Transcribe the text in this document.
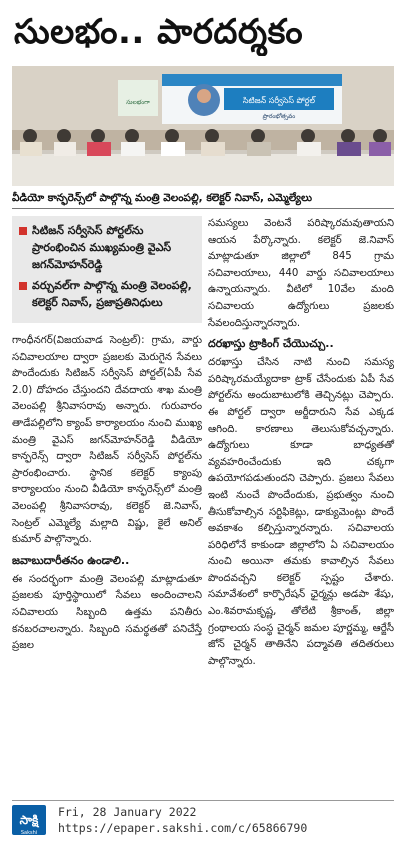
సులభం.. పారదర్శకం
సిటిజన్ సర్వీసెస్ పోర్టల్
ప్రారంభోత్సవం
సులభంగా
వీడియో కాన్ఫరెన్స్‌లో పాల్గొన్న మంత్రి వెలంపల్లి, కలెక్టర్ నివాస్, ఎమ్మెల్యేలు
సిటిజన్ సర్వీసెస్ పోర్టల్‌ను ప్రారంభించిన ముఖ్యమంత్రి వైఎస్ జగన్‌మోహన్‌రెడ్డి
వర్చువల్‌గా పాల్గొన్న మంత్రి వెలంపల్లి, కలెక్టర్ నివాస్, ప్రజాప్రతినిధులు

గాంధీనగర్(విజయవాడ సెంట్రల్): గ్రామ, వార్డు సచివాలయాల ద్వారా ప్రజలకు మెరుగైన సేవలు పొందేందుకు సిటిజన్ సర్వీసెస్ పోర్టల్(ఏపీ సేవ 2.0) దోహదం చేస్తుందని దేవదాయ శాఖ మంత్రి వెలంపల్లి శ్రీనివాసరావు అన్నారు. గురువారం తాడేపల్లిలోని క్యాంప్ కార్యాలయం నుంచి ముఖ్య మంత్రి వైఎస్ జగన్‌మోహన్‌రెడ్డి వీడియో కాన్ఫరెన్స్ ద్వారా సిటిజన్ సర్వీసెస్ పోర్టల్‌ను ప్రారంభించారు. స్థానిక కలెక్టర్ క్యాంపు కార్యాలయం నుంచి వీడియో కాన్ఫరెన్స్‌లో మంత్రి వెలంపల్లి శ్రీనివాసరావు, కలెక్టర్ జె.నివాస్, సెంట్రల్ ఎమ్మెల్యే మల్లాది విష్ణు, కైలే అనిల్ కుమార్ పాల్గొన్నారు.

జవాబుదారీతనం ఉండాలి..

ఈ సందర్భంగా మంత్రి వెలంపల్లి మాట్లాడుతూ ప్రజలకు పూర్తిస్థాయిలో సేవలు అందించాలని సచివాలయ సిబ్బంది ఉత్తమ పనితీరు కనబరచాలన్నారు. సిబ్బంది సమర్థతతో పనిచేస్తే ప్రజల

సమస్యలు వెంటనే పరిష్కారమవుతాయని ఆయన పేర్కొన్నారు. కలెక్టర్ జె.నివాస్ మాట్లాడుతూ జిల్లాలో 845 గ్రామ సచివాలయాలు, 440 వార్డు సచివాలయాలు ఉన్నాయన్నారు. వీటిలో 10వేల మంది సచివాలయ ఉద్యోగులు ప్రజలకు సేవలందిస్తున్నారన్నారు.

దరఖాస్తు ట్రాకింగ్ చేయొచ్చు..

దరఖాస్తు చేసిన నాటి నుంచి సమస్య పరిష్కారమయ్యేదాకా ట్రాక్ చేసేందుకు ఏపీ సేవ పోర్టల్‌ను అందుబాటులోకి తెచ్చినట్లు చెప్పారు. ఈ పోర్టల్ ద్వారా అర్జీదారుని సేవ ఎక్కడ ఆగింది. కారణాలు తెలుసుకోవచ్చన్నారు. ఉద్యోగులు కూడా బాధ్యతతో వ్యవహరించేందుకు ఇది చక్కగా ఉపయోగపడుతుందని చెప్పారు. ప్రజలు సేవలు ఇంటి నుంచే పొందేందుకు, ప్రభుత్వం నుంచి తీసుకోవాల్సిన సర్టిఫికెట్లు, డాక్యుమెంట్లు పొందే అవకాశం కల్పిస్తున్నారన్నారు. సచివాలయ పరిధిలోనే కాకుండా జిల్లాలోని ఏ సచివాలయం నుంచి అయినా తమకు కావాల్సిన సేవలు పొందవచ్చని కలెక్టర్ స్పష్టం చేశారు. సమావేశంలో కార్పొరేషన్ ఛైర్మన్లు అడపా శేషు, ఎం.శివరామకృష్ణ, తోలేటి శ్రీకాంత్, జిల్లా గ్రంథాలయ సంస్థ చైర్మన్ జమల పూర్ణమ్మ, ఆర్జేసీ జోన్ చైర్మన్ తాతినేని పద్మావతి తదితరులు పాల్గొన్నారు.

సాక్షి
Sakshi
Fri, 28 January 2022
https://epaper.sakshi.com/c/65866790
